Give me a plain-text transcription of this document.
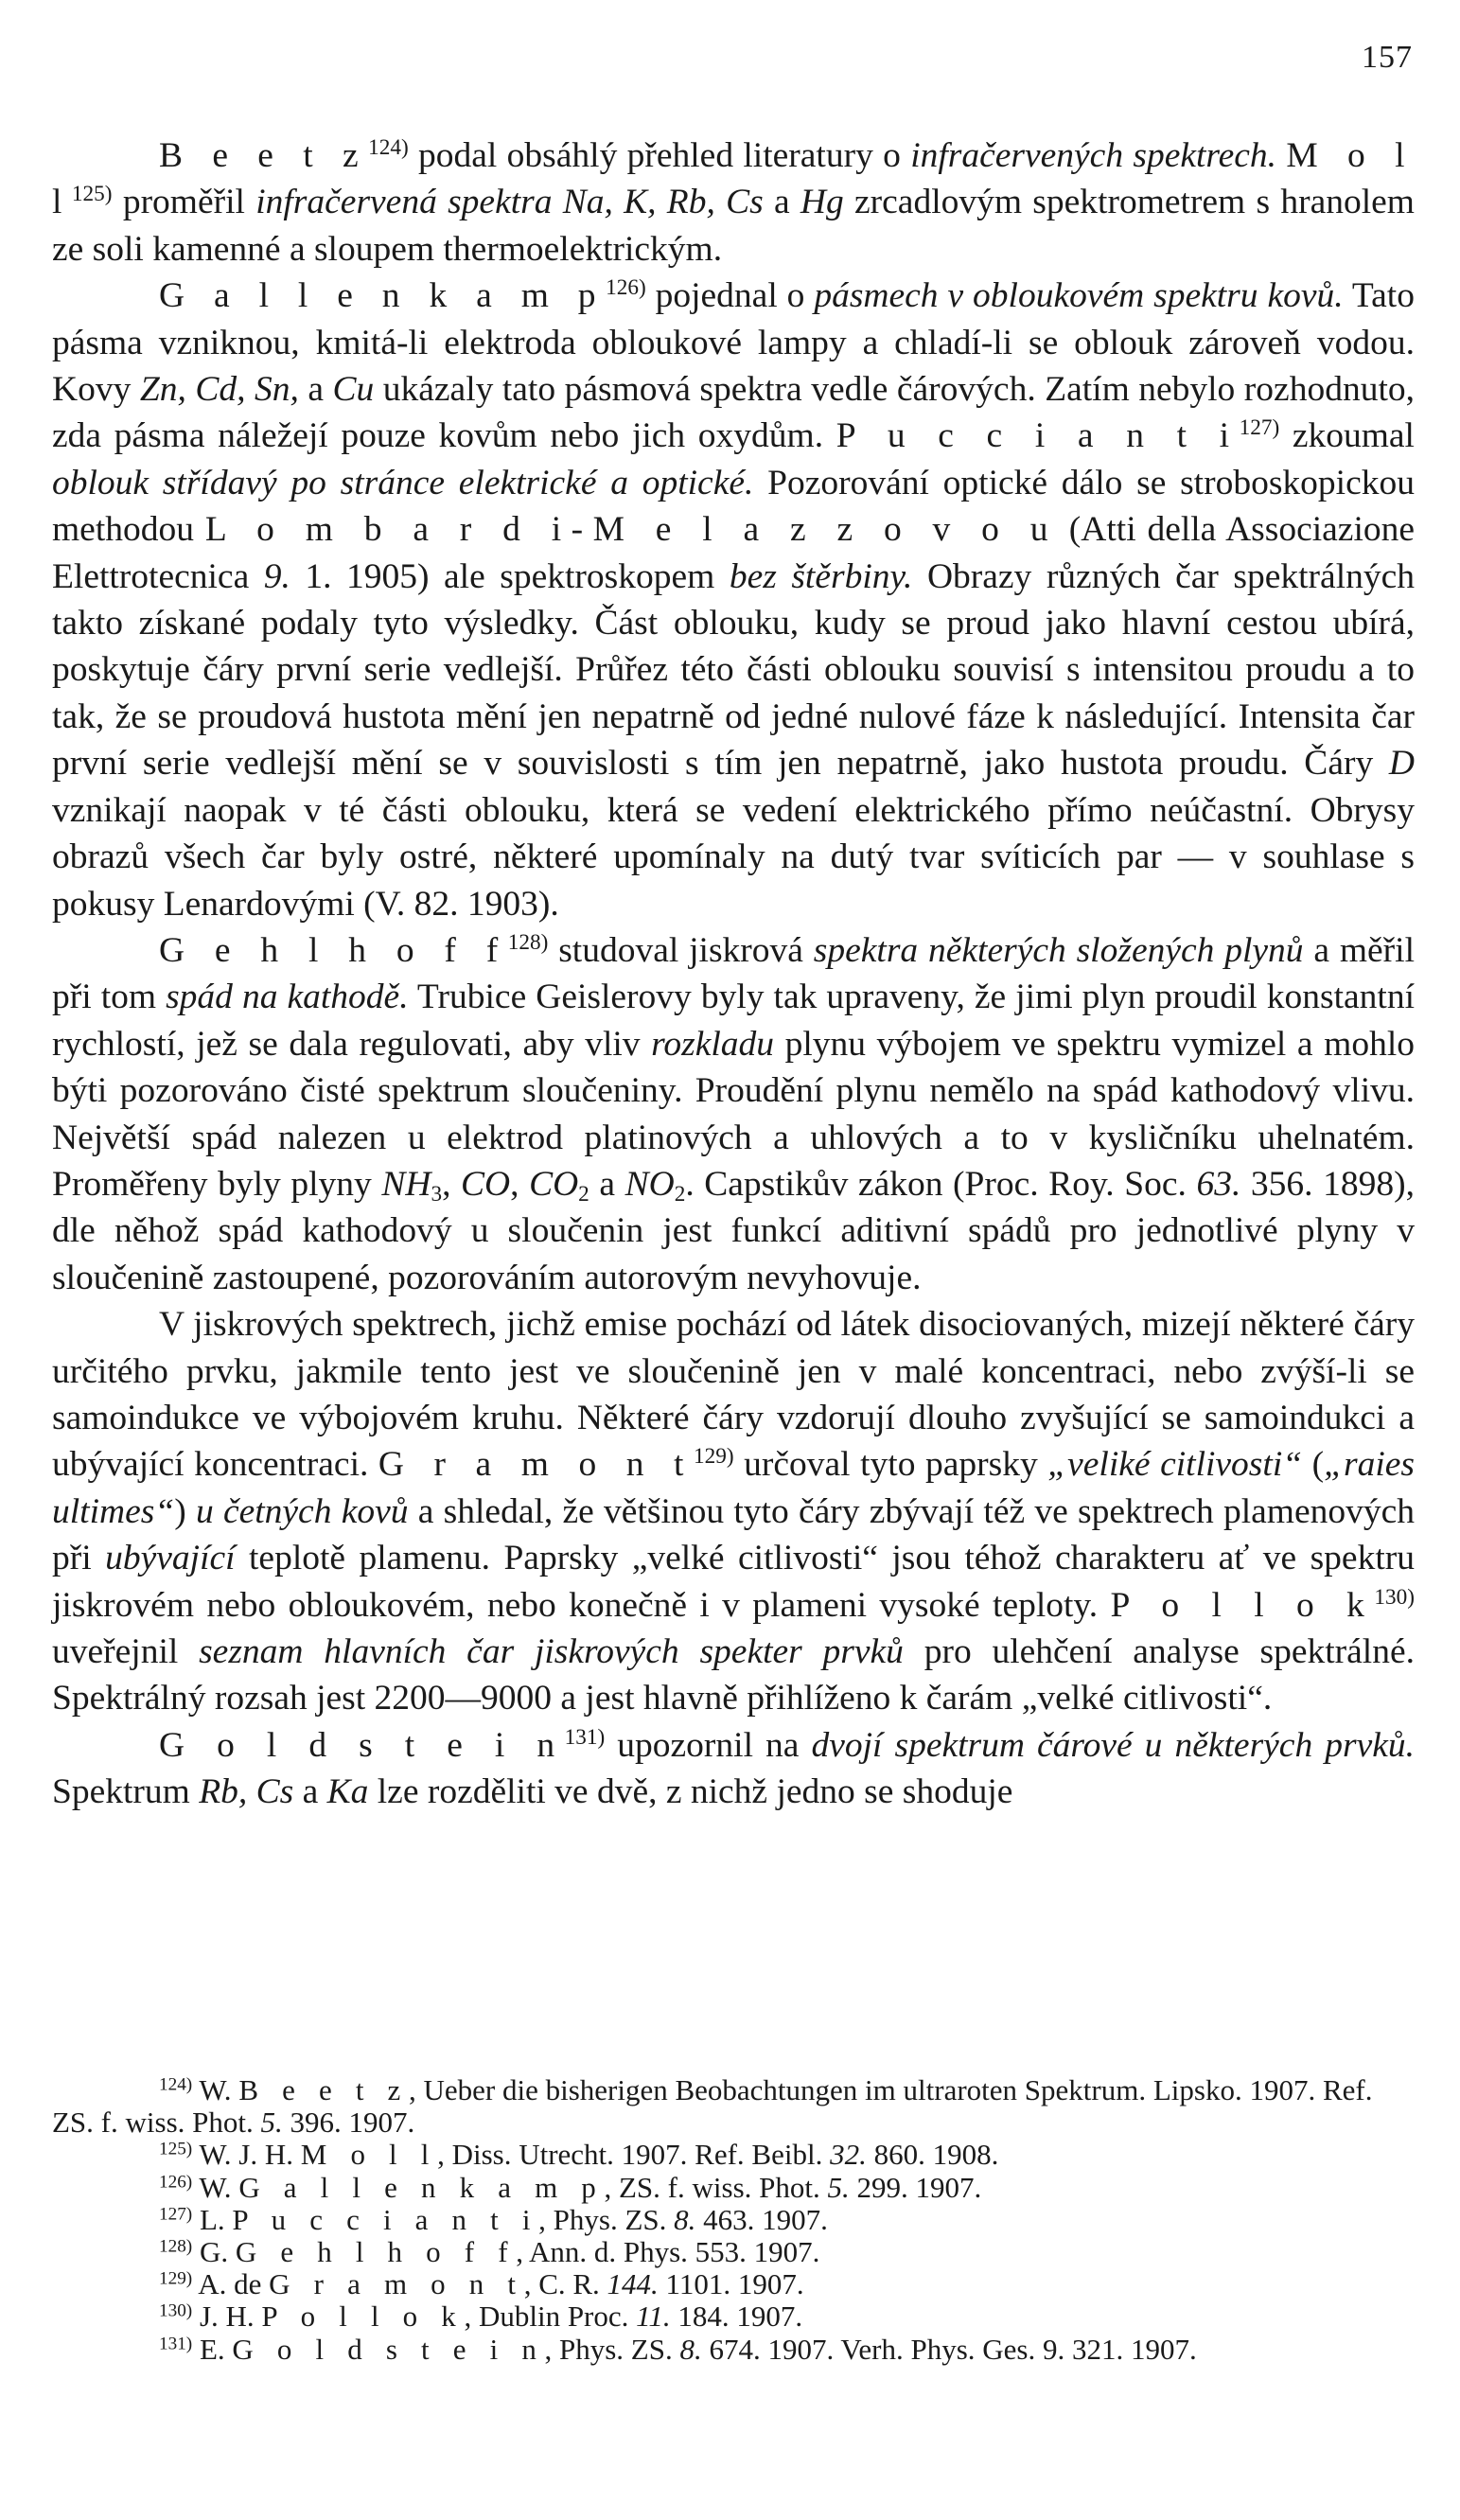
157

B e e t $z^{124)}$ podal obsáhlý přehled literatury o infračervených spektrech. M o l $l^{125)}$ proměřil infračervená spektra Na, K, Rb, Cs a Hg zrcadlovým spektrometrem s hranolem ze soli kamenné a sloupem thermoelektrickým.

G a l l e n k a m $p^{126)}$ pojednal o pásmech v obloukovém spektru kovů. Tato pásma vzniknou, kmitá-li elektroda obloukové lampy a chladí-li se oblouk zároveň vodou. Kovy Zn, Cd, Sn, a Cu ukázaly tato pásmová spektra vedle čárových. Zatím nebylo rozhodnuto, zda pásma náležejí pouze kovům nebo jich oxydům. P u c c i a n t $i^{127)}$ zkoumal oblouk střídavý po stránce elektrické a optické. Pozorování optické dálo se stroboskopickou methodou L o m b a r d i-M e l a z z o v o u (Atti della Associazione Elettrotecnica 9. 1. 1905) ale spektroskopem bez štěrbiny. Obrazy různých čar spektrálných takto získané podaly tyto výsledky. Část oblouku, kudy se proud jako hlavní cestou ubírá, poskytuje čáry první serie vedlejší. Průřez této části oblouku souvisí s intensitou proudu a to tak, že se proudová hustota mění jen nepatrně od jedné nulové fáze k následující. Intensita čar první serie vedlejší mění se v souvislosti s tím jen nepatrně, jako hustota proudu. Čáry D vznikají naopak v té části oblouku, která se vedení elektrického přímo neúčastní. Obrysy obrazů všech čar byly ostré, některé upomínaly na dutý tvar svíticích par — v souhlase s pokusy Lenardovými (V. 82. 1903).

G e h l h o f $f^{128)}$ studoval jiskrová spektra některých složených plynů a měřil při tom spád na kathodě. Trubice Geislerovy byly tak upraveny, že jimi plyn proudil konstantní rychlostí, jež se dala regulovati, aby vliv rozkladu plynu výbojem ve spektru vymizel a mohlo býti pozorováno čisté spektrum sloučeniny. Proudění plynu nemělo na spád kathodový vlivu. Největší spád nalezen u elektrod platinových a uhlových a to v kysličníku uhelnatém. Proměřeny byly plyny $NH_3$, CO, $CO_2$ a $NO_2$. Capstikův zákon (Proc. Roy. Soc. 63. 356. 1898), dle něhož spád kathodový u sloučenin jest funkcí aditivní spádů pro jednotlivé plyny v sloučenině zastoupené, pozorováním autorovým nevyhovuje.

V jiskrových spektrech, jichž emise pochází od látek disociovaných, mizejí některé čáry určitého prvku, jakmile tento jest ve sloučenině jen v malé koncentraci, nebo zvýší-li se samoindukce ve výbojovém kruhu. Některé čáry vzdorují dlouho zvyšující se samoindukci a ubývající koncentraci. G r a m o n $t^{129)}$ určoval tyto paprsky „veliké citlivosti“ („raies ultimes“) u četných kovů a shledal, že většinou tyto čáry zbývají též ve spektrech plamenových při ubývající teplotě plamenu. Paprsky „velké citlivosti“ jsou téhož charakteru ať ve spektru jiskrovém nebo obloukovém, nebo konečně i v plameni vysoké teploty. P o l l o $k^{130)}$ uveřejnil seznam hlavních čar jiskrových spekter prvků pro ulehčení analyse spektrálné. Spektrálný rozsah jest 2200—9000 a jest hlavně přihlíženo k čarám „velké citlivosti“.

G o l d s t e i $n^{131)}$ upozornil na dvojí spektrum čárové u některých prvků. Spektrum Rb, Cs a Ka lze rozděliti ve dvě, z nichž jedno se shoduje

$^{124)}$ W. B e e t z, Ueber die bisherigen Beobachtungen im ultraroten Spektrum. Lipsko. 1907. Ref. ZS. f. wiss. Phot. 5. 396. 1907.

$^{125)}$ W. J. H. M o l l, Diss. Utrecht. 1907. Ref. Beibl. 32. 860. 1908.

$^{126)}$ W. G a l l e n k a m p, ZS. f. wiss. Phot. 5. 299. 1907.

$^{127)}$ L. P u c c i a n t i, Phys. ZS. 8. 463. 1907.

$^{128)}$ G. G e h l h o f f, Ann. d. Phys. 553. 1907.

$^{129)}$ A. de G r a m o n t, C. R. 144. 1101. 1907.

$^{130)}$ J. H. P o l l o k, Dublin Proc. 11. 184. 1907.

$^{131)}$ E. G o l d s t e i n, Phys. ZS. 8. 674. 1907. Verh. Phys. Ges. 9. 321. 1907.
